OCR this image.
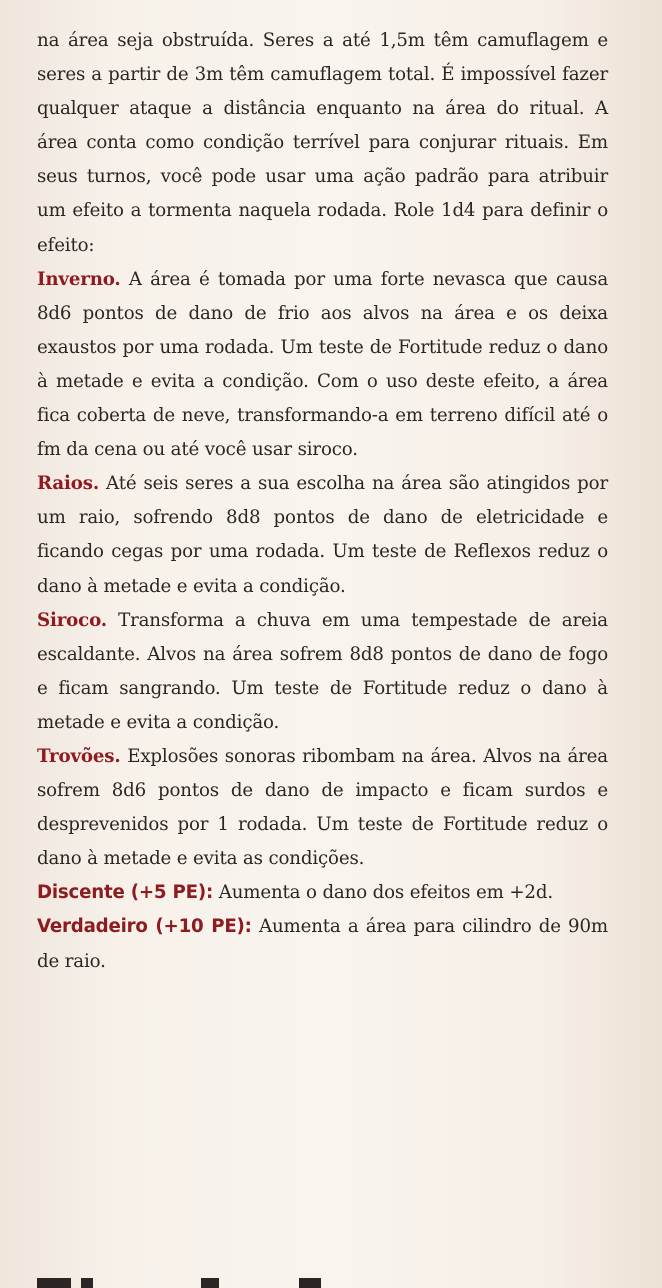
na área seja obstruída. Seres a até 1,5m têm camuflagem e seres a partir de 3m têm camuflagem total. É impossível fazer qualquer ataque a distância enquanto na área do ritual. A área conta como condição terrível para conjurar rituais. Em seus turnos, você pode usar uma ação padrão para atribuir um efeito a tormenta naquela rodada. Role 1d4 para definir o efeito:

Inverno. A área é tomada por uma forte nevasca que causa 8d6 pontos de dano de frio aos alvos na área e os deixa exaustos por uma rodada. Um teste de Fortitude reduz o dano à metade e evita a condição. Com o uso deste efeito, a área fica coberta de neve, transformando-a em terreno difícil até o fm da cena ou até você usar siroco.

Raios. Até seis seres a sua escolha na área são atingidos por um raio, sofrendo 8d8 pontos de dano de eletricidade e ficando cegas por uma rodada. Um teste de Reflexos reduz o dano à metade e evita a condição.

Siroco. Transforma a chuva em uma tempestade de areia escaldante. Alvos na área sofrem 8d8 pontos de dano de fogo e ficam sangrando. Um teste de Fortitude reduz o dano à metade e evita a condição.

Trovões. Explosões sonoras ribombam na área. Alvos na área sofrem 8d6 pontos de dano de impacto e ficam surdos e desprevenidos por 1 rodada. Um teste de Fortitude reduz o dano à metade e evita as condições.

Discente (+5 PE): Aumenta o dano dos efeitos em +2d.

Verdadeiro (+10 PE): Aumenta a área para cilindro de 90m de raio.
